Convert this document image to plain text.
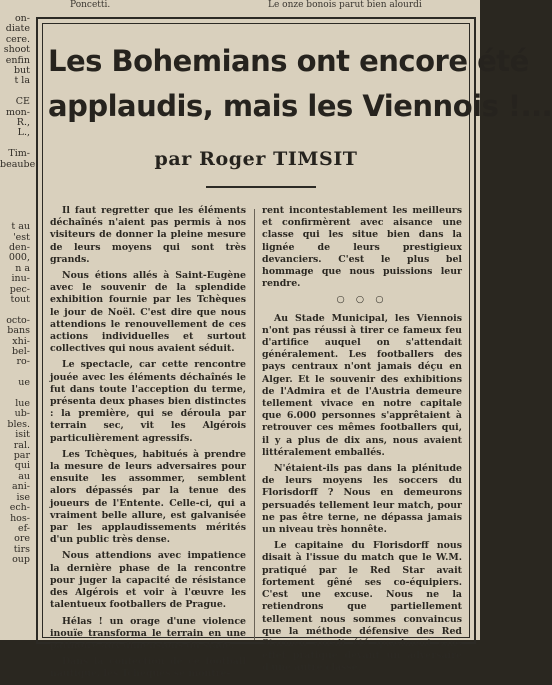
Poncetti.	Le onze bonois parut bien alourdi
on-
diate
cere.
shoot
enfin
but
t la

CE
mon-
R.,
L.,

Tim-
beaube.

t au
'est
den-
000,
n a
inu-
pec-
tout

octo-
bans
xhi-
bel-
ro-

ue

lue
ub-
bles.
isit
ral.
par
qui
au
ani-
ise
ech-
hos-
ef-
ore
tirs
oup
Les Bohemians ont encore été
applaudis, mais les Viennois !...
par Roger TIMSIT

Il faut regretter que les éléments déchaînés n'aient pas permis à nos visiteurs de donner la pleine mesure de leurs moyens qui sont très grands.

Nous étions allés à Saint-Eugène avec le souvenir de la splendide exhibition fournie par les Tchèques le jour de Noël. C'est dire que nous attendions le renouvellement de ces actions individuelles et surtout collectives qui nous avaient séduit.

Le spectacle, car cette rencontre jouée avec les éléments déchaînés le fut dans toute l'acception du terme, présenta deux phases bien distinctes : la première, qui se déroula par terrain sec, vit les Algérois particulièrement agressifs.

Les Tchèques, habitués à prendre la mesure de leurs adversaires pour ensuite les assommer, semblent alors dépassés par la tenue des joueurs de l'Entente. Celle-ci, qui a vraiment belle allure, est galvanisée par les applaudissements mérités d'un public très dense.

Nous attendions avec impatience la dernière phase de la rencontre pour juger la capacité de résistance des Algérois et voir à l'œuvre les talentueux footballers de Prague.

Hélas ! un orage d'une violence inouïe transforma le terrain en une patinoire aux dimensions du stade.

Dans la confection de ce football nautique, les Tchèques se montrè-

rent incontestablement les meilleurs et confirmèrent avec aisance une classe qui les situe bien dans la lignée de leurs prestigieux devanciers. C'est le plus bel hommage que nous puissions leur rendre.

○ ○ ○

Au Stade Municipal, les Viennois n'ont pas réussi à tirer ce fameux feu d'artifice auquel on s'attendait généralement. Les footballers des pays centraux n'ont jamais déçu en Alger. Et le souvenir des exhibitions de l'Admira et de l'Austria demeure tellement vivace en notre capitale que 6.000 personnes s'apprêtaient à retrouver ces mêmes footballers qui, il y a plus de dix ans, nous avaient littéralement emballés.

N'étaient-ils pas dans la plénitude de leurs moyens les soccers du Florisdorff ? Nous en demeurons persuadés tellement leur match, pour ne pas être terne, ne dépassa jamais un niveau très honnête.

Le capitaine du Florisdorff nous disait à l'issue du match que le W.M. pratiqué par le Red Star avait fortement gêné ses co-équipiers. C'est une excuse. Nous ne la retiendrons que partiellement tellement nous sommes convaincus que la méthode défensive des Red Starmen aurait été quasiment sans effet pratique devant un adversaire d'une autre classe.
